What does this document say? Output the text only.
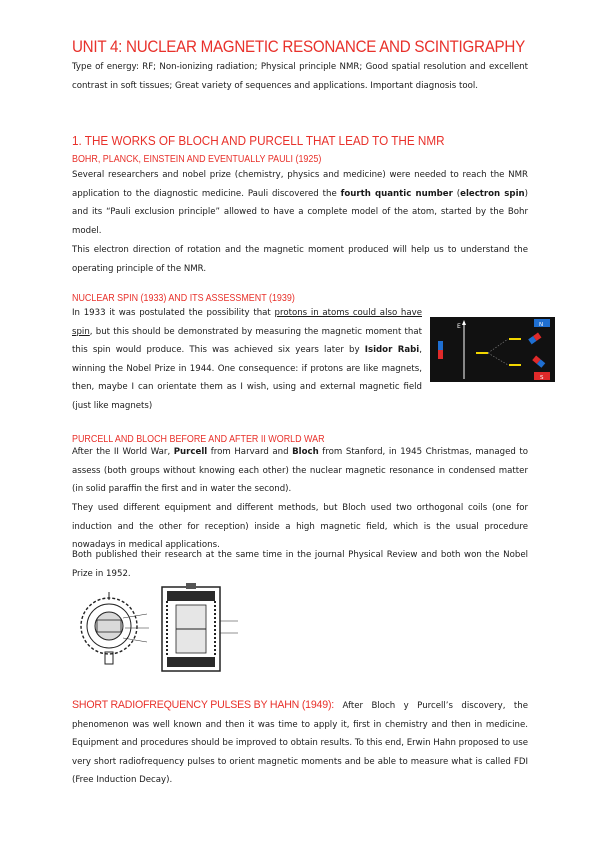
UNIT 4: NUCLEAR MAGNETIC RESONANCE AND SCINTIGRAPHY
Type of energy: RF; Non-ionizing radiation; Physical principle NMR; Good spatial resolution and excellent contrast in soft tissues; Great variety of sequences and applications. Important diagnosis tool.
1. THE WORKS OF BLOCH AND PURCELL THAT LEAD TO THE NMR
BOHR, PLANCK, EINSTEIN AND EVENTUALLY PAULI (1925)
Several researchers and nobel prize (chemistry, physics and medicine) were needed to reach the NMR application to the diagnostic medicine. Pauli discovered the fourth quantic number (electron spin) and its “Pauli exclusion principle” allowed to have a complete model of the atom, started by the Bohr model.
This electron direction of rotation and the magnetic moment produced will help us to understand the operating principle of the NMR.
NUCLEAR SPIN (1933) AND ITS ASSESSMENT (1939)
In 1933 it was postulated the possibility that protons in atoms could also have spin, but this should be demonstrated by measuring the magnetic moment that this spin would produce. This was achieved six years later by Isidor Rabi, winning the Nobel Prize in 1944. One consequence: if protons are like magnets, then, maybe I can orientate them as I wish, using and external magnetic field (just like magnets)
E	N
S
PURCELL AND BLOCH BEFORE AND AFTER II WORLD WAR
After the II World War, Purcell from Harvard and Bloch from Stanford, in 1945 Christmas, managed to assess (both groups without knowing each other) the nuclear magnetic resonance in condensed matter (in solid paraffin the first and in water the second).
They used different equipment and different methods, but Bloch used two orthogonal coils (one for induction and the other for reception) inside a high magnetic field, which is the usual procedure nowadays in medical applications.
Both published their research at the same time in the journal Physical Review and both won the Nobel Prize in 1952.
SHORT RADIOFREQUENCY PULSES BY HAHN (1949): After Bloch y Purcell’s discovery, the phenomenon was well known and then it was time to apply it, first in chemistry and then in medicine. Equipment and procedures should be improved to obtain results. To this end, Erwin Hahn proposed to use very short radiofrequency pulses to orient magnetic moments and be able to measure what is called FDI (Free Induction Decay).
